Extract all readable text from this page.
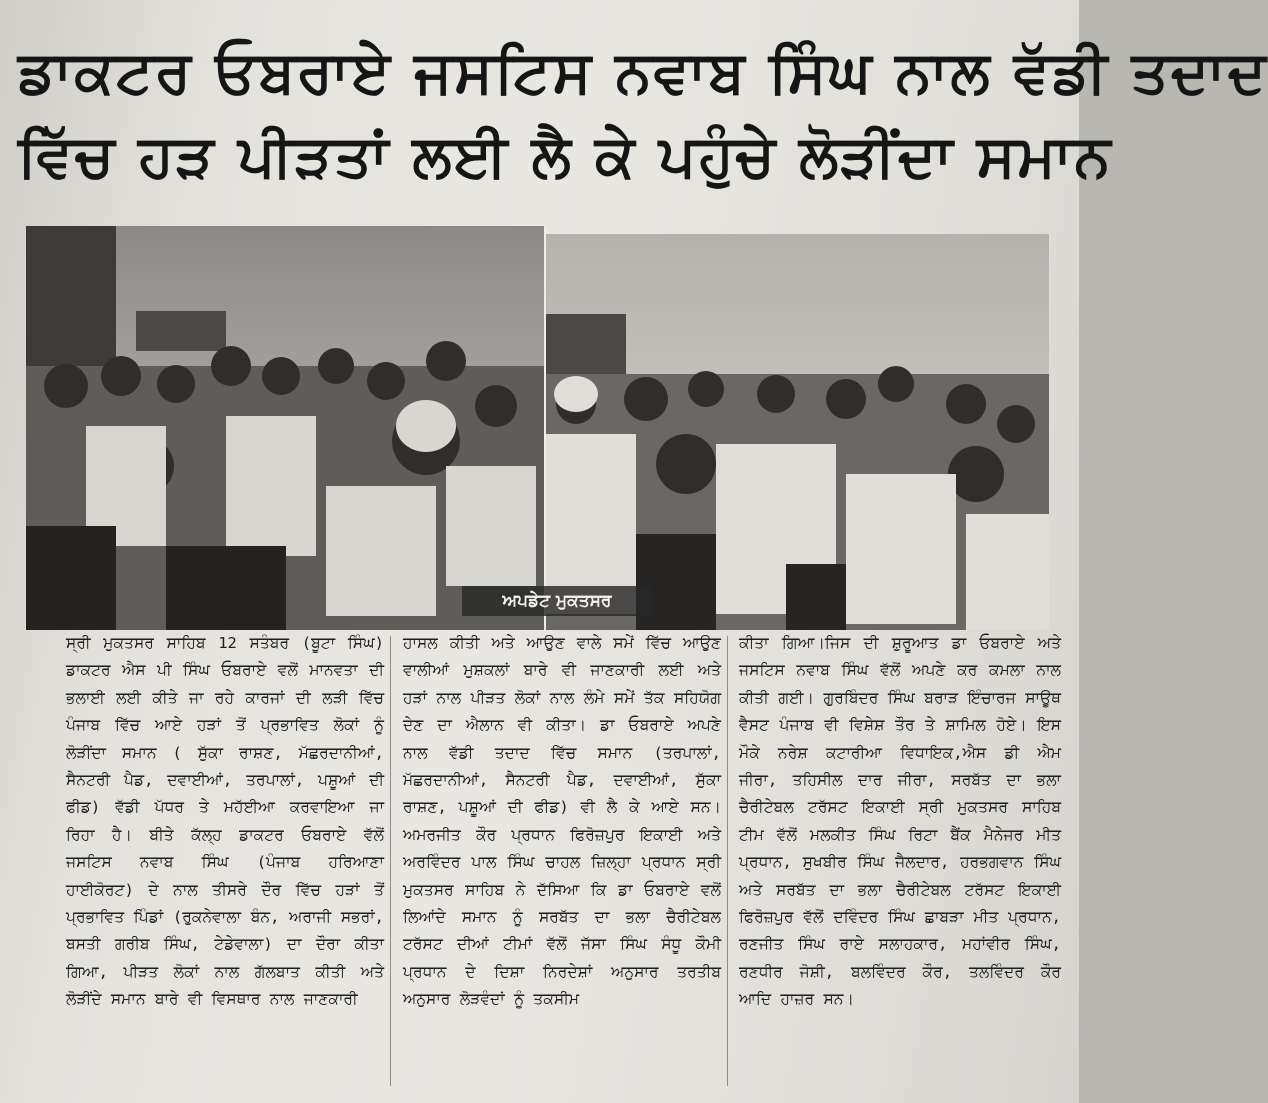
ਡਾਕਟਰ ਓਬਰਾਏ ਜਸਟਿਸ ਨਵਾਬ ਸਿੰਘ ਨਾਲ ਵੱਡੀ ਤਦਾਦ
ਵਿੱਚ ਹੜ ਪੀੜਤਾਂ ਲਈ ਲੈ ਕੇ ਪਹੁੰਚੇ ਲੋੜੀਂਦਾ ਸਮਾਨ
ਅਪਡੇਟ ਮੁਕਤਸਰ
ਸ੍ਰੀ ਮੁਕਤਸਰ ਸਾਹਿਬ 12 ਸਤੰਬਰ (ਬੂਟਾ ਸਿੰਘ) ਡਾਕਟਰ ਐਸ ਪੀ ਸਿੰਘ ਓਬਰਾਏ ਵਲੋਂ ਮਾਨਵਤਾ ਦੀ ਭਲਾਈ ਲਈ ਕੀਤੇ ਜਾ ਰਹੇ ਕਾਰਜਾਂ ਦੀ ਲੜੀ ਵਿੱਚ ਪੰਜਾਬ ਵਿੱਚ ਆਏ ਹੜਾਂ ਤੋਂ ਪ੍ਰਭਾਵਿਤ ਲੋਕਾਂ ਨੂੰ ਲੋੜੀਂਦਾ ਸਮਾਨ ( ਸੁੱਕਾ ਰਾਸ਼ਣ, ਮੱਛਰਦਾਨੀਆਂ, ਸੈਨਟਰੀ ਪੈਡ, ਦਵਾਈਆਂ, ਤਰਪਾਲਾਂ, ਪਸ਼ੂਆਂ ਦੀ ਫੀਡ) ਵੱਡੀ ਪੱਧਰ ਤੇ ਮਹੱਈਆ ਕਰਵਾਇਆ ਜਾ ਰਿਹਾ ਹੈ। ਬੀਤੇ ਕੱਲ੍ਹ ਡਾਕਟਰ ਓਬਰਾਏ ਵੱਲੋਂ ਜਸਟਿਸ ਨਵਾਬ ਸਿੰਘ (ਪੰਜਾਬ ਹਰਿਆਣਾ ਹਾਈਕੋਰਟ) ਦੇ ਨਾਲ ਤੀਸਰੇ ਦੌਰ ਵਿੱਚ ਹੜਾਂ ਤੋਂ ਪ੍ਰਭਾਵਿਤ ਪਿੰਡਾਂ (ਰੁਕਨੇਵਾਲਾ ਬੰਨ, ਅਰਾਜੀ ਸਭਰਾਂ, ਬਸਤੀ ਗਰੀਬ ਸਿੰਘ, ਟੇਡੇਵਾਲਾ) ਦਾ ਦੌਰਾ ਕੀਤਾ ਗਿਆ, ਪੀੜਤ ਲੋਕਾਂ ਨਾਲ ਗੱਲਬਾਤ ਕੀਤੀ ਅਤੇ ਲੋੜੀਂਦੇ ਸਮਾਨ ਬਾਰੇ ਵੀ ਵਿਸਥਾਰ ਨਾਲ ਜਾਣਕਾਰੀ
ਹਾਸਲ ਕੀਤੀ ਅਤੇ ਆਉਣ ਵਾਲੇ ਸਮੇਂ ਵਿੱਚ ਆਉਣ ਵਾਲੀਆਂ ਮੁਸ਼ਕਲਾਂ ਬਾਰੇ ਵੀ ਜਾਣਕਾਰੀ ਲਈ ਅਤੇ ਹੜਾਂ ਨਾਲ ਪੀੜਤ ਲੋਕਾਂ ਨਾਲ ਲੰਮੇ ਸਮੇਂ ਤੱਕ ਸਹਿਯੋਗ ਦੇਣ ਦਾ ਐਲਾਨ ਵੀ ਕੀਤਾ। ਡਾ ਓਬਰਾਏ ਅਪਣੇ ਨਾਲ ਵੱਡੀ ਤਦਾਦ ਵਿੱਚ ਸਮਾਨ (ਤਰਪਾਲਾਂ, ਮੱਛਰਦਾਨੀਆਂ, ਸੈਨਟਰੀ ਪੈਡ, ਦਵਾਈਆਂ, ਸੁੱਕਾ ਰਾਸ਼ਣ, ਪਸ਼ੂਆਂ ਦੀ ਫੀਡ) ਵੀ ਲੈ ਕੇ ਆਏ ਸਨ। ਅਮਰਜੀਤ ਕੌਰ ਪ੍ਰਧਾਨ ਫਿਰੋਜ਼ਪੁਰ ਇਕਾਈ ਅਤੇ ਅਰਵਿੰਦਰ ਪਾਲ ਸਿੰਘ ਚਾਹਲ ਜ਼ਿਲ੍ਹਾ ਪ੍ਰਧਾਨ ਸ੍ਰੀ ਮੁਕਤਸਰ ਸਾਹਿਬ ਨੇ ਦੱਸਿਆ ਕਿ ਡਾ ਓਬਰਾਏ ਵਲੋਂ ਲਿਆਂਦੇ ਸਮਾਨ ਨੂੰ ਸਰਬੱਤ ਦਾ ਭਲਾ ਚੈਰੀਟੇਬਲ ਟਰੱਸਟ ਦੀਆਂ ਟੀਮਾਂ ਵੱਲੋਂ ਜੱਸਾ ਸਿੰਘ ਸੰਧੂ ਕੌਮੀ ਪ੍ਰਧਾਨ ਦੇ ਦਿਸ਼ਾ ਨਿਰਦੇਸ਼ਾਂ ਅਨੁਸਾਰ ਤਰਤੀਬ ਅਨੁਸਾਰ ਲੋੜਵੰਦਾਂ ਨੂੰ ਤਕਸੀਮ
ਕੀਤਾ ਗਿਆ।ਜਿਸ ਦੀ ਸ਼ੁਰੂਆਤ ਡਾ ਓਬਰਾਏ ਅਤੇ ਜਸਟਿਸ ਨਵਾਬ ਸਿੰਘ ਵੱਲੋਂ ਅਪਣੇ ਕਰ ਕਮਲਾ ਨਾਲ ਕੀਤੀ ਗਈ। ਗੁਰਬਿੰਦਰ ਸਿੰਘ ਬਰਾੜ ਇੰਚਾਰਜ ਸਾਊਥ ਵੈਸਟ ਪੰਜਾਬ ਵੀ ਵਿਸ਼ੇਸ਼ ਤੌਰ ਤੇ ਸ਼ਾਮਿਲ ਹੋਏ। ਇਸ ਮੌਕੇ ਨਰੇਸ਼ ਕਟਾਰੀਆ ਵਿਧਾਇਕ,ਐਸ ਡੀ ਐਮ ਜੀਰਾ, ਤਹਿਸੀਲ ਦਾਰ ਜੀਰਾ, ਸਰਬੱਤ ਦਾ ਭਲਾ ਚੈਰੀਟੇਬਲ ਟਰੱਸਟ ਇਕਾਈ ਸ੍ਰੀ ਮੁਕਤਸਰ ਸਾਹਿਬ ਟੀਮ ਵੱਲੋਂ ਮਲਕੀਤ ਸਿੰਘ ਰਿਟਾ ਬੈਂਕ ਮੈਨੇਜਰ ਮੀਤ ਪ੍ਰਧਾਨ, ਸੁਖਬੀਰ ਸਿੰਘ ਜੈਲਦਾਰ, ਹਰਭਗਵਾਨ ਸਿੰਘ ਅਤੇ ਸਰਬੱਤ ਦਾ ਭਲਾ ਚੈਰੀਟੇਬਲ ਟਰੱਸਟ ਇਕਾਈ ਫਿਰੋਜ਼ਪੁਰ ਵੱਲੋਂ ਦਵਿੰਦਰ ਸਿੰਘ ਛਾਬੜਾ ਮੀਤ ਪ੍ਰਧਾਨ, ਰਣਜੀਤ ਸਿੰਘ ਰਾਏ ਸਲਾਹਕਾਰ, ਮਹਾਂਵੀਰ ਸਿੰਘ, ਰਣਧੀਰ ਜੋਸ਼ੀ, ਬਲਵਿੰਦਰ ਕੌਰ, ਤਲਵਿੰਦਰ ਕੌਰ ਆਦਿ ਹਾਜ਼ਰ ਸਨ।
